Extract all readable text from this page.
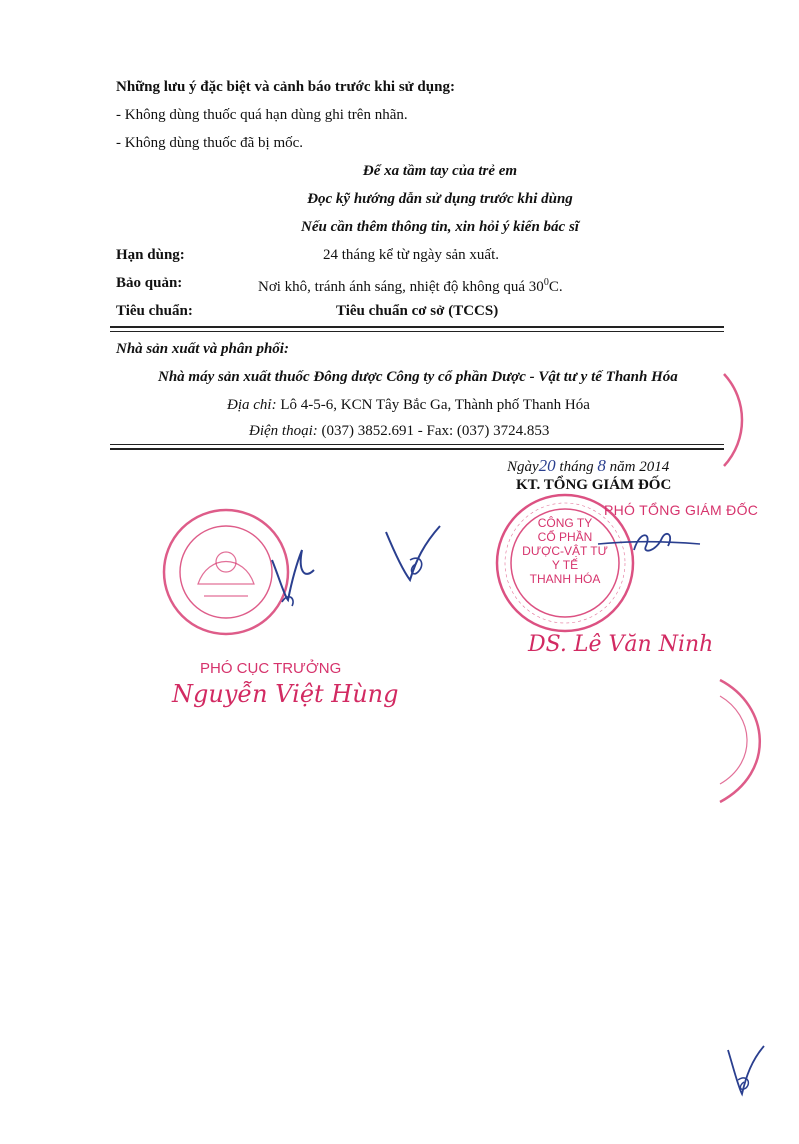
Những lưu ý đặc biệt và cảnh báo trước khi sử dụng:
- Không dùng thuốc quá hạn dùng ghi trên nhãn.
- Không dùng thuốc đã bị mốc.
Để xa tầm tay của trẻ em
Đọc kỹ hướng dẫn sử dụng trước khi dùng
Nếu cần thêm thông tin, xin hỏi ý kiến bác sĩ
Hạn dùng:	24 tháng kể từ ngày sản xuất.
Bảo quản:	Nơi khô, tránh ánh sáng, nhiệt độ không quá $30^0C$.
Tiêu chuẩn:	Tiêu chuẩn cơ sở (TCCS)
Nhà sản xuất và phân phối:
Nhà máy sản xuất thuốc Đông dược Công ty cổ phần Dược - Vật tư y tế Thanh Hóa
Địa chỉ: Lô 4-5-6, KCN Tây Bắc Ga, Thành phố Thanh Hóa
Điện thoại: (037) 3852.691 - Fax: (037) 3724.853
Ngày20 tháng 8 năm 2014
KT. TỔNG GIÁM ĐỐC
CÔNG TY
CỔ PHẦN
DƯỢC-VẬT TƯ
Y TẾ
THANH HÓA
PHÓ TỔNG GIÁM ĐỐC
DS. Lê Văn Ninh
PHÓ CỤC TRƯỞNG
Nguyễn Việt Hùng
